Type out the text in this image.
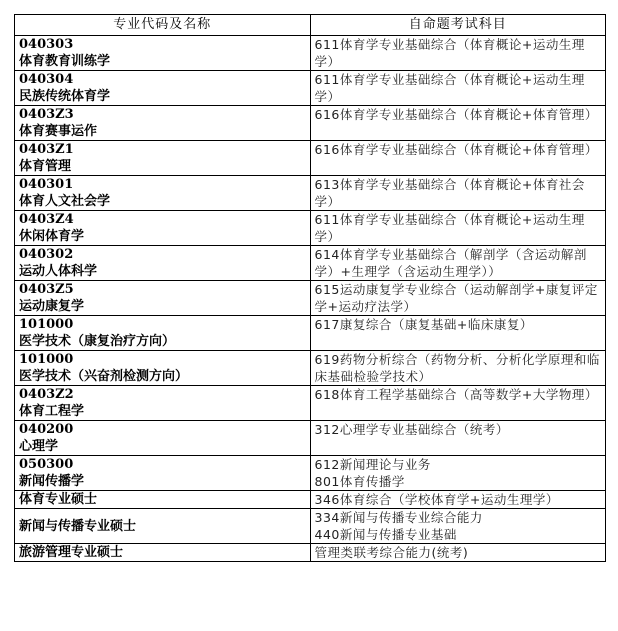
专业代码及名称	自命题考试科目

040303
体育教育训练学	611体育学专业基础综合（体育概论+运动生理
学）

040304
民族传统体育学	611体育学专业基础综合（体育概论+运动生理
学）

0403Z3
体育赛事运作	616体育学专业基础综合（体育概论+体育管理）

0403Z1
体育管理	616体育学专业基础综合（体育概论+体育管理）

040301
体育人文社会学	613体育学专业基础综合（体育概论+体育社会
学）

0403Z4
休闲体育学	611体育学专业基础综合（体育概论+运动生理
学）

040302
运动人体科学	614体育学专业基础综合（解剖学（含运动解剖
学）+生理学（含运动生理学））

0403Z5
运动康复学	615运动康复学专业综合（运动解剖学+康复评定
学+运动疗法学）

101000
医学技术（康复治疗方向）	617康复综合（康复基础+临床康复）

101000
医学技术（兴奋剂检测方向）	619药物分析综合（药物分析、分析化学原理和临
床基础检验学技术）

0403Z2
体育工程学	618体育工程学基础综合（高等数学+大学物理）

040200
心理学	312心理学专业基础综合（统考）

050300
新闻传播学	612新闻理论与业务
801体育传播学

体育专业硕士	346体育综合（学校体育学+运动生理学）

新闻与传播专业硕士	334新闻与传播专业综合能力
440新闻与传播专业基础

旅游管理专业硕士	管理类联考综合能力(统考)
